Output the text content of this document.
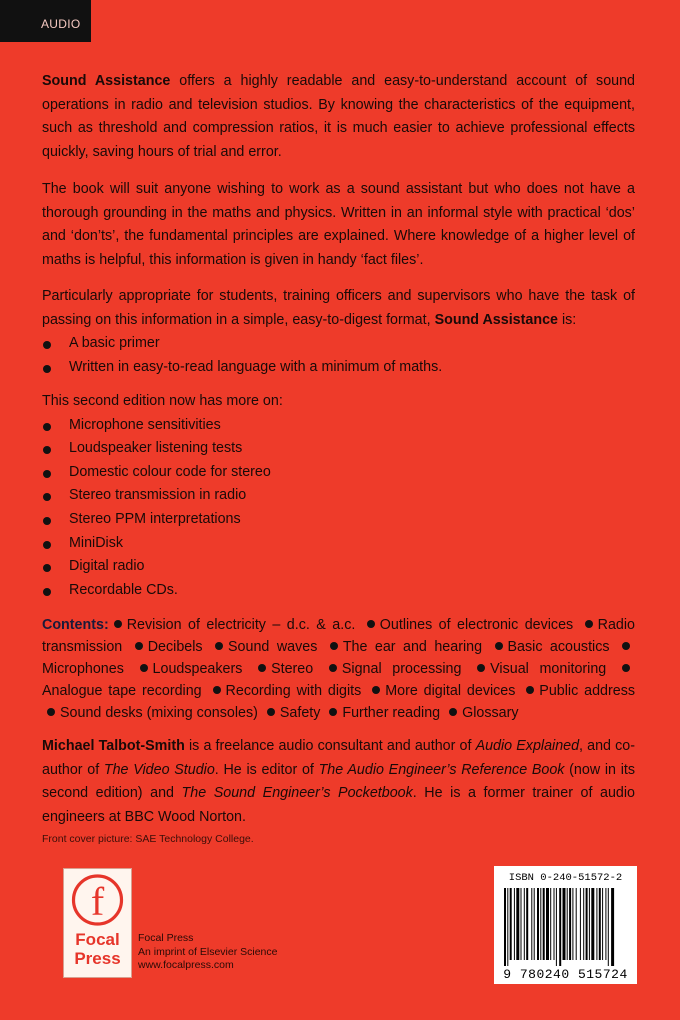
AUDIO

Sound Assistance offers a highly readable and easy-to-understand account of sound operations in radio and television studios. By knowing the characteristics of the equipment, such as threshold and compression ratios, it is much easier to achieve professional effects quickly, saving hours of trial and error.

The book will suit anyone wishing to work as a sound assistant but who does not have a thorough grounding in the maths and physics. Written in an informal style with practical ‘dos’ and ‘don’ts’, the fundamental principles are explained. Where knowledge of a higher level of maths is helpful, this information is given in handy ‘fact files’.

Particularly appropriate for students, training officers and supervisors who have the task of passing on this information in a simple, easy-to-digest format, Sound Assistance is:

A basic primer
Written in easy-to-read language with a minimum of maths.

This second edition now has more on:

Microphone sensitivities
Loudspeaker listening tests
Domestic colour code for stereo
Stereo transmission in radio
Stereo PPM interpretations
MiniDisk
Digital radio
Recordable CDs.

Contents: Revision of electricity – d.c. & a.c. Outlines of electronic devices Radio transmission Decibels Sound waves The ear and hearing Basic acoustics Microphones Loudspeakers Stereo Signal processing Visual monitoring Analogue tape recording Recording with digits More digital devices Public address Sound desks (mixing consoles) Safety Further reading Glossary

Michael Talbot-Smith is a freelance audio consultant and author of Audio Explained, and co-author of The Video Studio. He is editor of The Audio Engineer’s Reference Book (now in its second edition) and The Sound Engineer’s Pocketbook. He is a former trainer of audio engineers at BBC Wood Norton.

Front cover picture: SAE Technology College.
f
Focal
Press
Focal Press
An imprint of Elsevier Science
www.focalpress.com
ISBN 0-240-51572-2
9 780240 515724
